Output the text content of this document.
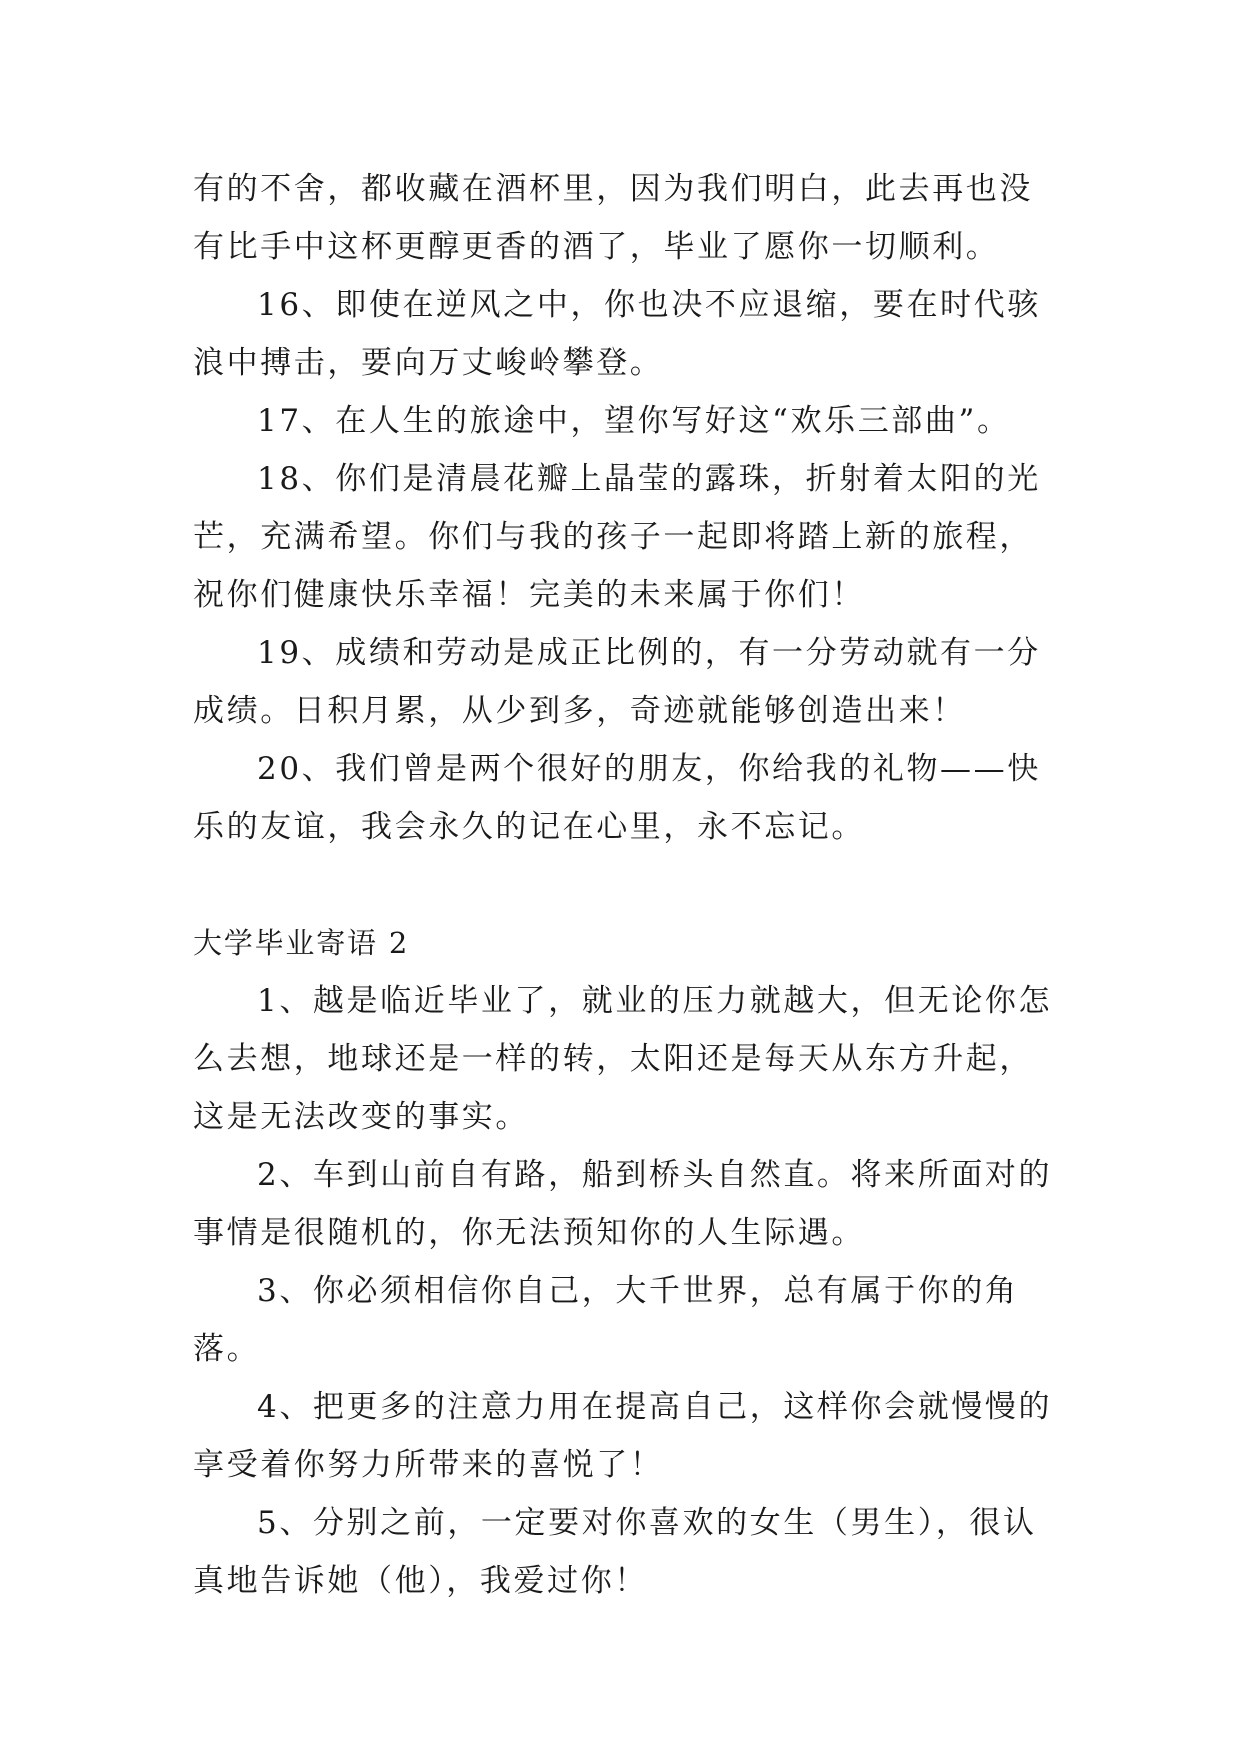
有的不舍，都收藏在酒杯里，因为我们明白，此去再也没有比手中这杯更醇更香的酒了，毕业了愿你一切顺利。

16、即使在逆风之中，你也决不应退缩，要在时代骇浪中搏击，要向万丈峻岭攀登。

17、在人生的旅途中，望你写好这“欢乐三部曲”。

18、你们是清晨花瓣上晶莹的露珠，折射着太阳的光芒，充满希望。你们与我的孩子一起即将踏上新的旅程，祝你们健康快乐幸福！完美的未来属于你们！

19、成绩和劳动是成正比例的，有一分劳动就有一分成绩。日积月累，从少到多，奇迹就能够创造出来！

20、我们曾是两个很好的朋友，你给我的礼物——快乐的友谊，我会永久的记在心里，永不忘记。

大学毕业寄语 2

1、越是临近毕业了，就业的压力就越大，但无论你怎么去想，地球还是一样的转，太阳还是每天从东方升起，这是无法改变的事实。

2、车到山前自有路，船到桥头自然直。将来所面对的事情是很随机的，你无法预知你的人生际遇。

3、你必须相信你自己，大千世界，总有属于你的角落。

4、把更多的注意力用在提高自己，这样你会就慢慢的享受着你努力所带来的喜悦了！

5、分别之前，一定要对你喜欢的女生（男生），很认真地告诉她（他），我爱过你！
